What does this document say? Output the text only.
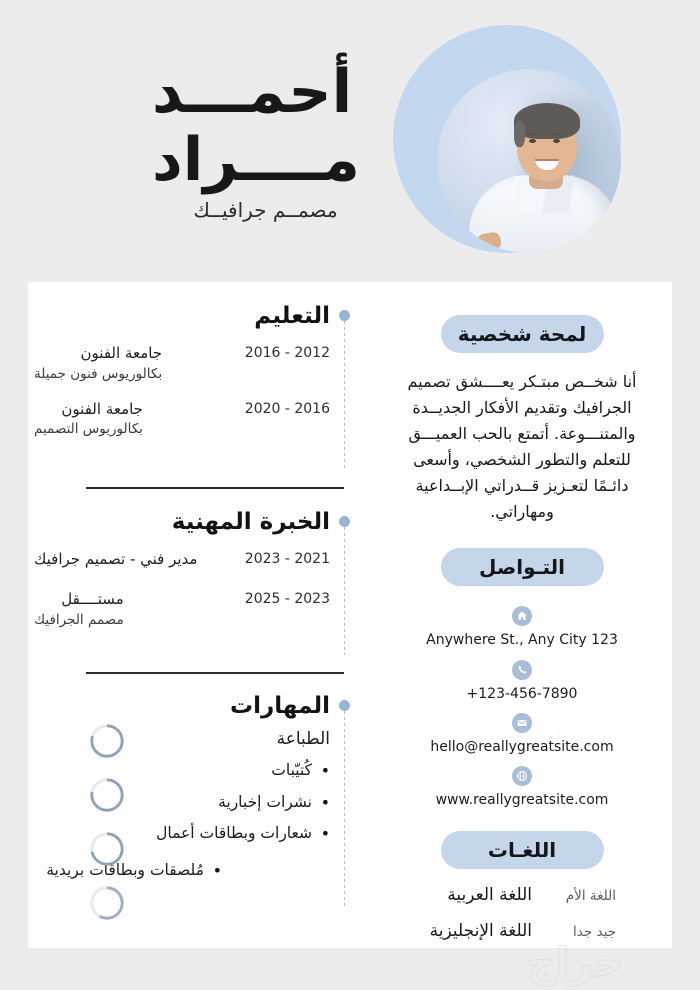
أحمـــد
مــــراد
مصمــم جرافيــك
التعليم
جامعة الفنون
بكالوريوس فنون جميلة
2016 - 2012
جامعة الفنون
بكالوريوس التصميم
2020 - 2016
الخبرة المهنية
مدير فني - تصميم جرافيك	2023 - 2021
مستــــقل
مصمم الجرافيك
2025 - 2023
المهارات
الطباعة
• كُتيّبات
• نشرات إخبارية
• شعارات وبطاقات أعمال
• مُلصقات وبطاقات بريدية

لمحة شخصية

أنا شخــص مبتـكر يعــــشق تصميم الجرافيك وتقديم الأفكار الجديــدة والمتنـــوعة. أتمتع بالحب العميـــق للتعلم والتطور الشخصي، وأسعى دائـمًا لتعـزيز قــدراتي الإبــداعية ومهاراتي.

التـواصل
Anywhere St., Any City 123
+123-456-7890
hello@reallygreatsite.com
www.reallygreatsite.com
اللغـات
اللغة الأم
اللغة العربية
جيد جدا
اللغة الإنجليزية
حراج
